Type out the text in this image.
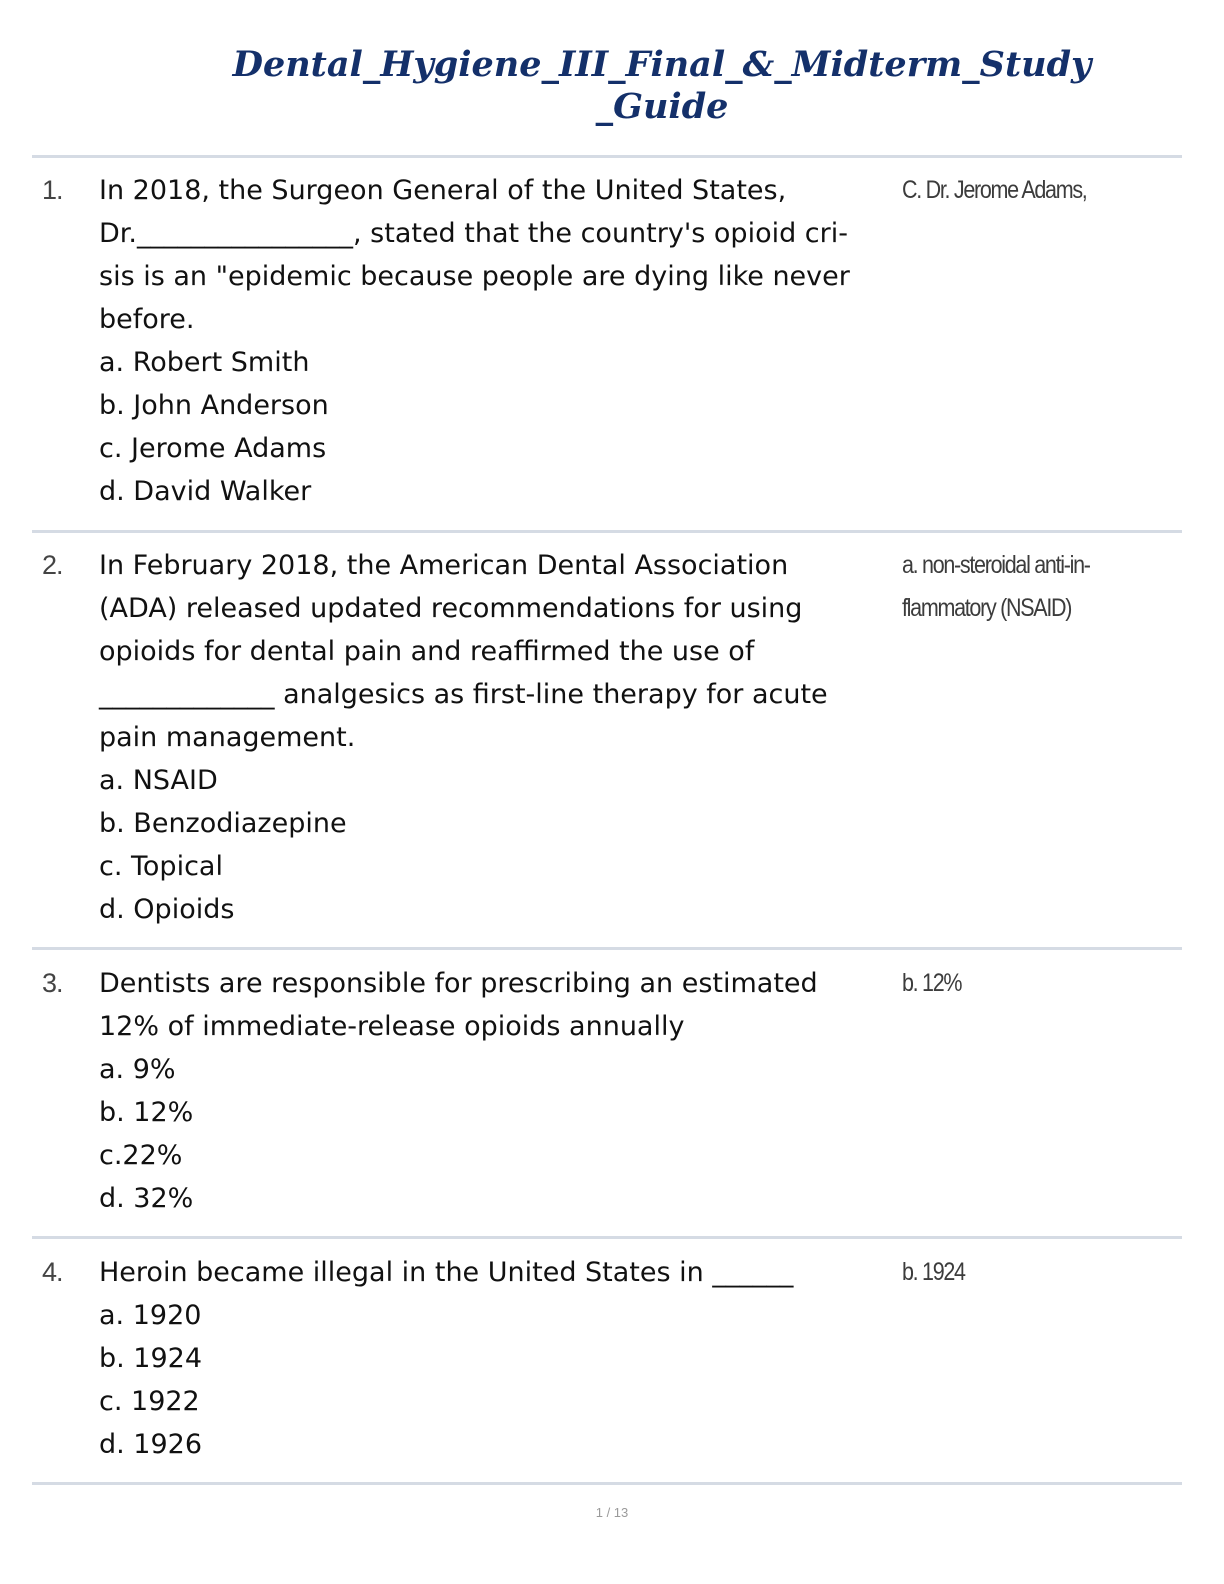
Dental_Hygiene_III_Final_&_Midterm_Study
_Guide
1. In 2018, the Surgeon General of the United States,
Dr.________________, stated that the country's opioid cri-
sis is an "epidemic because people are dying like never
before.
a. Robert Smith
b. John Anderson
c. Jerome Adams
d. David Walker
C. Dr. Jerome Adams,
2. In February 2018, the American Dental Association
(ADA) released updated recommendations for using
opioids for dental pain and reaffirmed the use of
_____________ analgesics as first-line therapy for acute
pain management.
a. NSAID
b. Benzodiazepine
c. Topical
d. Opioids
a. non-steroidal anti-in- flammatory (NSAID)
3. Dentists are responsible for prescribing an estimated
12% of immediate-release opioids annually
a. 9%
b. 12%
c.22%
d. 32%
b. 12%
4. Heroin became illegal in the United States in ______
a. 1920
b. 1924
c. 1922
d. 1926
b. 1924
1 / 13
